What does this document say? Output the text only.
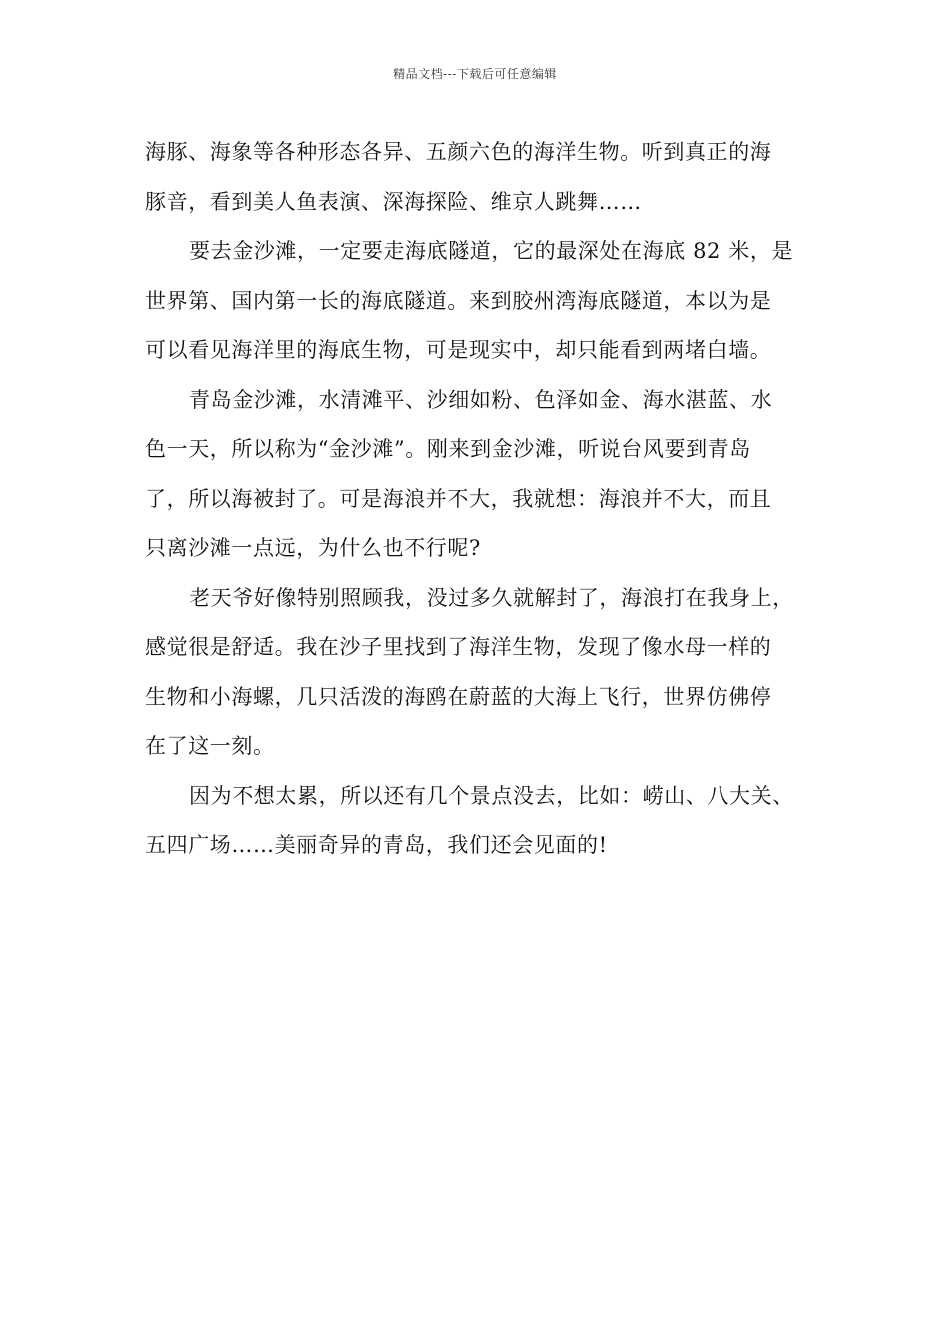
精品文档---下载后可任意编辑
海豚、海象等各种形态各异、五颜六色的海洋生物。听到真正的海
豚音，看到美人鱼表演、深海探险、维京人跳舞……
要去金沙滩，一定要走海底隧道，它的最深处在海底 82 米，是
世界第、国内第一长的海底隧道。来到胶州湾海底隧道，本以为是
可以看见海洋里的海底生物，可是现实中，却只能看到两堵白墙。
青岛金沙滩，水清滩平、沙细如粉、色泽如金、海水湛蓝、水
色一天，所以称为“金沙滩”。刚来到金沙滩，听说台风要到青岛
了，所以海被封了。可是海浪并不大，我就想：海浪并不大，而且
只离沙滩一点远，为什么也不行呢?
老天爷好像特别照顾我，没过多久就解封了，海浪打在我身上，
感觉很是舒适。我在沙子里找到了海洋生物，发现了像水母一样的
生物和小海螺，几只活泼的海鸥在蔚蓝的大海上飞行，世界仿佛停
在了这一刻。
因为不想太累，所以还有几个景点没去，比如：崂山、八大关、
五四广场……美丽奇异的青岛，我们还会见面的!
